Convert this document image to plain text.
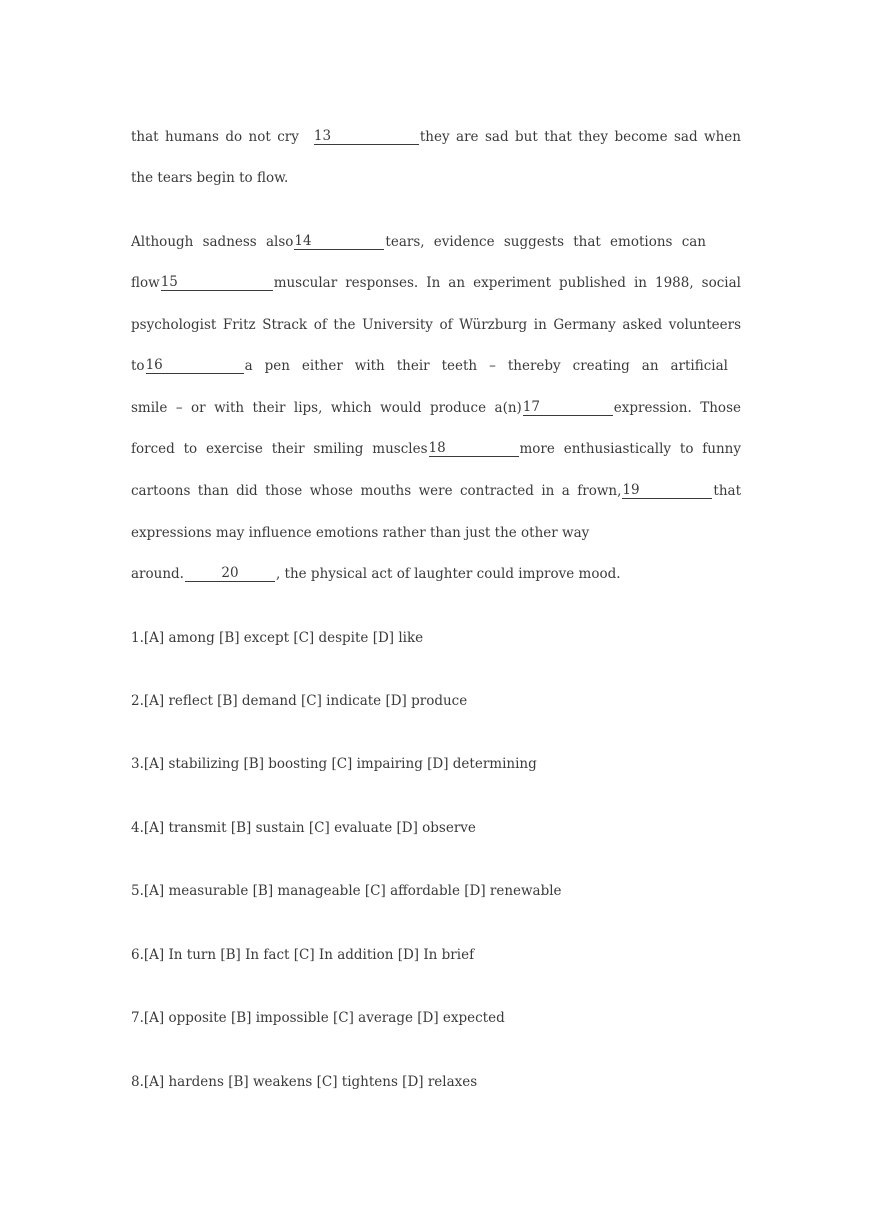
that humans do not cry 13	they are sad but that they become sad when
the tears begin to flow.
Although sadness also14	tears, evidence suggests that emotions can
flow15	muscular responses. In an experiment published in 1988, social
psychologist Fritz Strack of the University of Würzburg in Germany asked volunteers
to16	a pen either with their teeth – thereby creating an artificial
smile – or with their lips, which would produce a(n)17	expression. Those
forced to exercise their smiling muscles18	more enthusiastically to funny
cartoons than did those whose mouths were contracted in a frown,19	that
expressions may influence emotions rather than just the other way
around.	20	, the physical act of laughter could improve mood.
1.[A] among [B] except [C] despite [D] like
2.[A] reflect [B] demand [C] indicate [D] produce
3.[A] stabilizing [B] boosting [C] impairing [D] determining
4.[A] transmit [B] sustain [C] evaluate [D] observe
5.[A] measurable [B] manageable [C] affordable [D] renewable
6.[A] In turn [B] In fact [C] In addition [D] In brief
7.[A] opposite [B] impossible [C] average [D] expected
8.[A] hardens [B] weakens [C] tightens [D] relaxes
